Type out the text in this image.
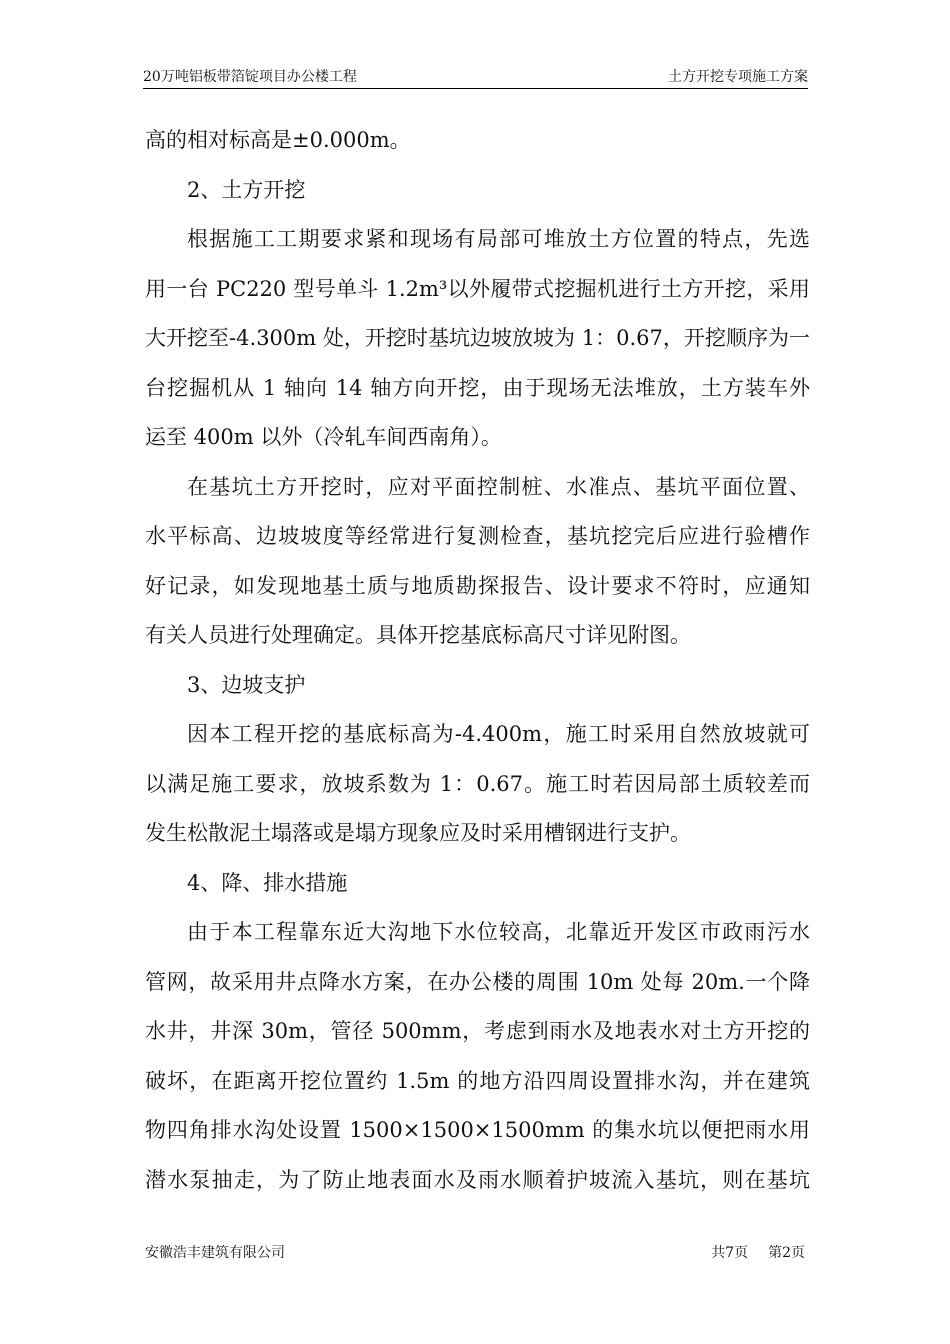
20万吨铝板带箔锭项目办公楼工程	土方开挖专项施工方案
高的相对标高是±0.000m。
2、土方开挖
根据施工工期要求紧和现场有局部可堆放土方位置的特点，先选
用一台 PC220 型号单斗 1.2m³以外履带式挖掘机进行土方开挖，采用
大开挖至-4.300m 处，开挖时基坑边坡放坡为 1：0.67，开挖顺序为一
台挖掘机从 1 轴向 14 轴方向开挖，由于现场无法堆放，土方装车外
运至 400m 以外（冷轧车间西南角）。
在基坑土方开挖时，应对平面控制桩、水准点、基坑平面位置、
水平标高、边坡坡度等经常进行复测检查，基坑挖完后应进行验槽作
好记录，如发现地基土质与地质勘探报告、设计要求不符时，应通知
有关人员进行处理确定。具体开挖基底标高尺寸详见附图。
3、边坡支护
因本工程开挖的基底标高为-4.400m，施工时采用自然放坡就可
以满足施工要求，放坡系数为 1：0.67。施工时若因局部土质较差而
发生松散泥土塌落或是塌方现象应及时采用槽钢进行支护。
4、降、排水措施
由于本工程靠东近大沟地下水位较高，北靠近开发区市政雨污水
管网，故采用井点降水方案，在办公楼的周围 10m 处每 20m.一个降
水井，井深 30m，管径 500mm，考虑到雨水及地表水对土方开挖的
破坏，在距离开挖位置约 1.5m 的地方沿四周设置排水沟，并在建筑
物四角排水沟处设置 1500×1500×1500mm 的集水坑以便把雨水用
潜水泵抽走，为了防止地表面水及雨水顺着护坡流入基坑，则在基坑
安徽浩丰建筑有限公司	共7页 第2页
